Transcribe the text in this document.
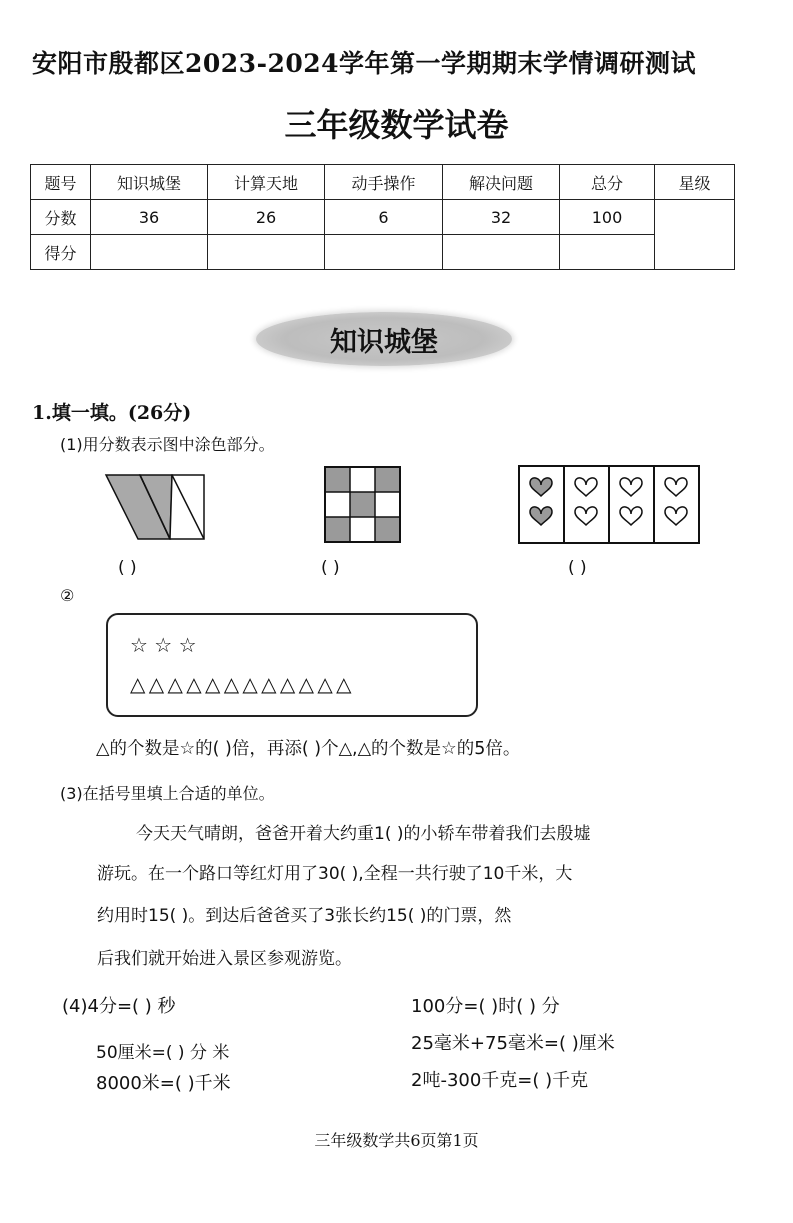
安阳市殷都区2023-2024学年第一学期期末学情调研测试
三年级数学试卷
题号	知识城堡	计算天地	动手操作	解决问题	总分	星级
分数	36	26	6	32	100	
得分						
知识城堡
1.填一填。(26分)
(1)用分数表示图中涂色部分。
( )	( )	( )
②
☆ ☆ ☆
△ △ △ △ △ △ △ △ △ △ △ △
△的个数是☆的( )倍，再添( )个△,△的个数是☆的5倍。
(3)在括号里填上合适的单位。
今天天气晴朗，爸爸开着大约重1( )的小轿车带着我们去殷墟
游玩。在一个路口等红灯用了30( ),全程一共行驶了10千米，大
约用时15( )。到达后爸爸买了3张长约15( )的门票，然
后我们就开始进入景区参观游览。
(4)4分=( ) 秒
50厘米=( ) 分 米
8000米=( )千米
100分=( )时( ) 分
25毫米+75毫米=( )厘米
2吨-300千克=( )千克
三年级数学共6页第1页
